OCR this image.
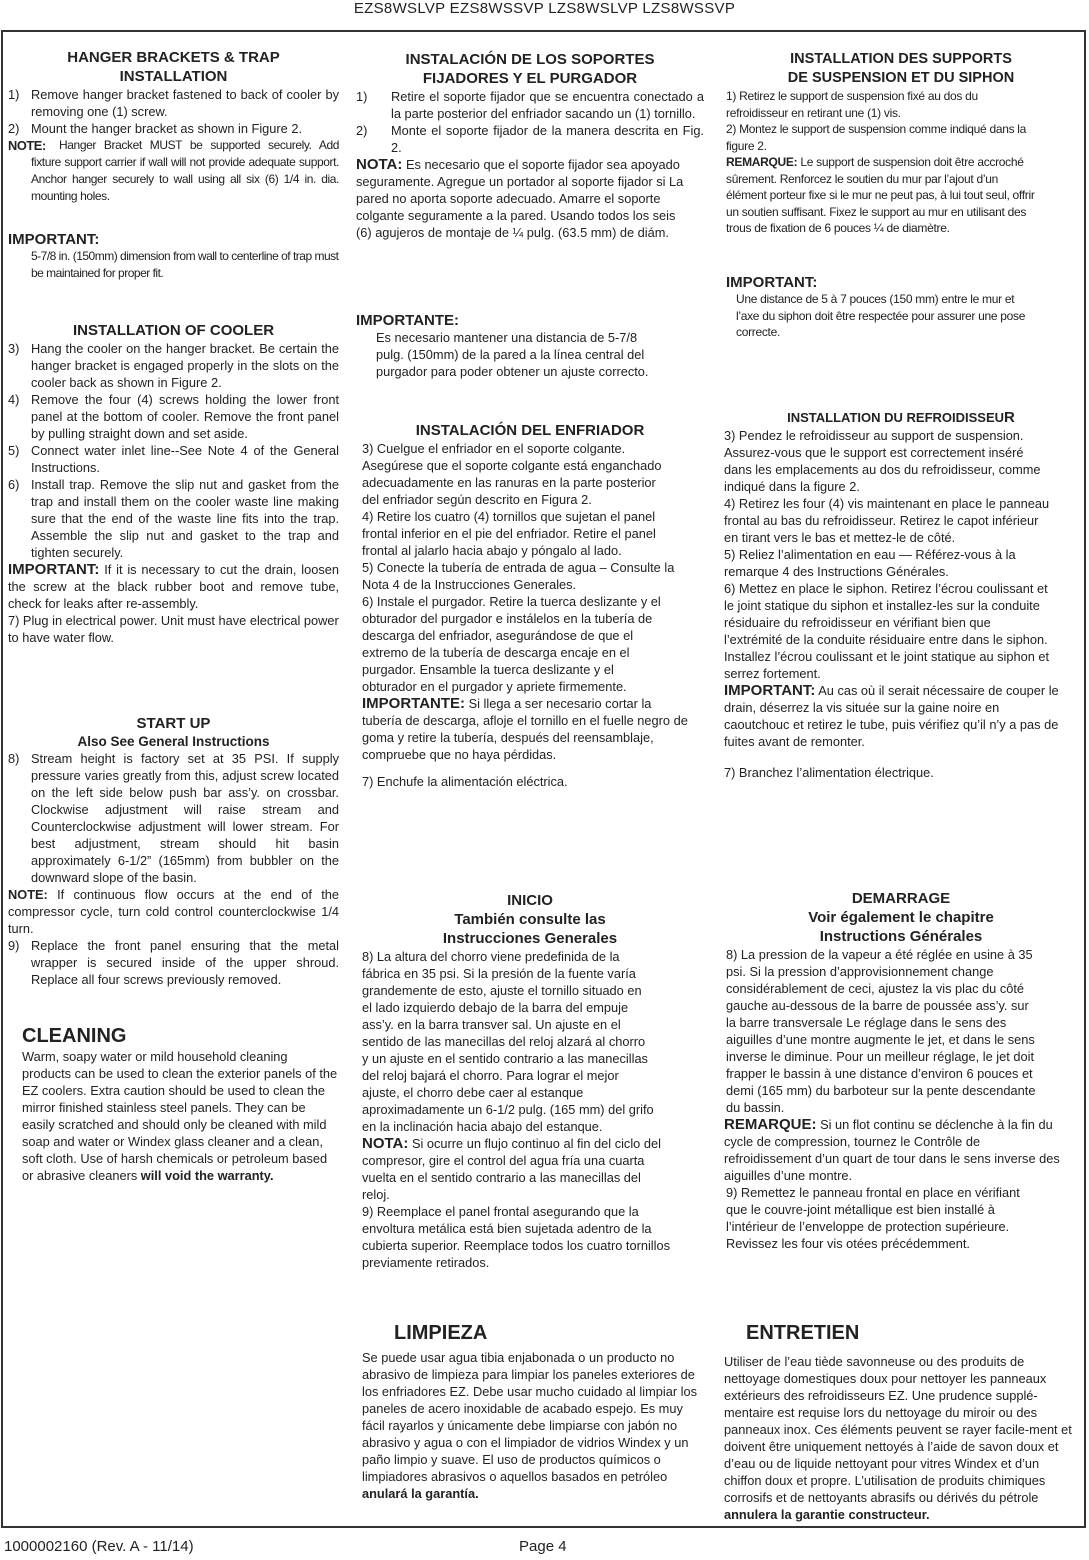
EZS8WSLVP EZS8WSSVP LZS8WSLVP LZS8WSSVP
HANGER BRACKETS & TRAP
INSTALLATION
1) Remove hanger bracket fastened to back of cooler by removing one (1) screw.
2) Mount the hanger bracket as shown in Figure 2.
NOTE: Hanger Bracket MUST be supported securely. Add fixture support carrier if wall will not provide adequate support. Anchor hanger securely to wall using all six (6) 1/4 in. dia. mounting holes.
IMPORTANT:
5-7/8 in. (150mm) dimension from wall to centerline of trap must be maintained for proper fit.
INSTALLATION OF COOLER
3) Hang the cooler on the hanger bracket. Be certain the hanger bracket is engaged properly in the slots on the cooler back as shown in Figure 2.
4) Remove the four (4) screws holding the lower front panel at the bottom of cooler. Remove the front panel by pulling straight down and set aside.
5) Connect water inlet line--See Note 4 of the General Instructions.
6) Install trap. Remove the slip nut and gasket from the trap and install them on the cooler waste line making sure that the end of the waste line fits into the trap. Assemble the slip nut and gasket to the trap and tighten securely.
IMPORTANT: If it is necessary to cut the drain, loosen the screw at the black rubber boot and remove tube, check for leaks after re-assembly.
7) Plug in electrical power. Unit must have electrical power to have water flow.
START UP
Also See General Instructions
8) Stream height is factory set at 35 PSI. If supply pressure varies greatly from this, adjust screw located on the left side below push bar ass’y. on crossbar. Clockwise adjustment will raise stream and Counterclockwise adjustment will lower stream. For best adjustment, stream should hit basin approximately 6-1/2” (165mm) from bubbler on the downward slope of the basin.
NOTE: If continuous flow occurs at the end of the compressor cycle, turn cold control counterclockwise 1/4 turn.
9) Replace the front panel ensuring that the metal wrapper is secured inside of the upper shroud. Replace all four screws previously removed.
CLEANING
Warm, soapy water or mild household cleaning products can be used to clean the exterior panels of the EZ coolers. Extra caution should be used to clean the mirror finished stainless steel panels. They can be easily scratched and should only be cleaned with mild soap and water or Windex glass cleaner and a clean, soft cloth. Use of harsh chemicals or petroleum based or abrasive cleaners will void the warranty.
INSTALACIÓN DE LOS SOPORTES
FIJADORES Y EL PURGADOR
1)	Retire el soporte fijador que se encuentra conectado a la parte posterior del enfriador sacando un (1) tornillo.
2)	Monte el soporte fijador de la manera descrita en Fig. 2.
NOTA: Es necesario que el soporte fijador sea apoyado seguramente. Agregue un portador al soporte fijador si La pared no aporta soporte adecuado. Amarre el soporte colgante seguramente a la pared. Usando todos los seis (6) agujeros de montaje de ¼ pulg. (63.5 mm) de diám.
IMPORTANTE:
Es necesario mantener una distancia de 5-7/8 pulg. (150mm) de la pared a la línea central del purgador para poder obtener un ajuste correcto.
INSTALACIÓN DEL ENFRIADOR
3) Cuelgue el enfriador en el soporte colgante. Asegúrese que el soporte colgante está enganchado adecuadamente en las ranuras en la parte posterior del enfriador según descrito en Figura 2.
4) Retire los cuatro (4) tornillos que sujetan el panel frontal inferior en el pie del enfriador. Retire el panel frontal al jalarlo hacia abajo y póngalo al lado.
5) Conecte la tubería de entrada de agua – Consulte la Nota 4 de la Instrucciones Generales.
6) Instale el purgador. Retire la tuerca deslizante y el obturador del purgador e instálelos en la tubería de descarga del enfriador, asegurándose de que el extremo de la tubería de descarga encaje en el purgador. Ensamble la tuerca deslizante y el obturador en el purgador y apriete firmemente.
IMPORTANTE: Si llega a ser necesario cortar la tubería de descarga, afloje el tornillo en el fuelle negro de goma y retire la tubería, después del reensamblaje, compruebe que no haya pérdidas.
7) Enchufe la alimentación eléctrica.
INICIO
También consulte las
Instrucciones Generales
8) La altura del chorro viene predefinida de la fábrica en 35 psi. Si la presión de la fuente varía grandemente de esto, ajuste el tornillo situado en el lado izquierdo debajo de la barra del empuje ass’y. en la barra transver sal. Un ajuste en el sentido de las manecillas del reloj alzará al chorro y un ajuste en el sentido contrario a las manecillas del reloj bajará el chorro. Para lograr el mejor ajuste, el chorro debe caer al estanque aproximadamente un 6-1/2 pulg. (165 mm) del grifo en la inclinación hacia abajo del estanque.
NOTA: Si ocurre un flujo continuo al fin del ciclo del compresor, gire el control del agua fría una cuarta vuelta en el sentido contrario a las manecillas del reloj.
9) Reemplace el panel frontal asegurando que la envoltura metálica está bien sujetada adentro de la cubierta superior. Reemplace todos los cuatro tornillos previamente retirados.
LIMPIEZA
Se puede usar agua tibia enjabonada o un producto no abrasivo de limpieza para limpiar los paneles exteriores de los enfriadores EZ. Debe usar mucho cuidado al limpiar los paneles de acero inoxidable de acabado espejo. Es muy fácil rayarlos y únicamente debe limpiarse con jabón no abrasivo y agua o con el limpiador de vidrios Windex y un paño limpio y suave. El uso de productos químicos o limpiadores abrasivos o aquellos basados en petróleo anulará la garantía.
INSTALLATION DES SUPPORTS
DE SUSPENSION ET DU SIPHON
1) Retirez le support de suspension fixé au dos du refroidisseur en retirant une (1) vis.
2) Montez le support de suspension comme indiqué dans la figure 2.
REMARQUE: Le support de suspension doit être accroché sûrement. Renforcez le soutien du mur par l’ajout d’un élément porteur fixe si le mur ne peut pas, à lui tout seul, offrir un soutien suffisant. Fixez le support au mur en utilisant des trous de fixation de 6 pouces ¼ de diamètre.
IMPORTANT:
Une distance de 5 à 7 pouces (150 mm) entre le mur et l’axe du siphon doit être respectée pour assurer une pose correcte.
INSTALLATION DU REFROIDISSEUR
3) Pendez le refroidisseur au support de suspension. Assurez-vous que le support est correctement inséré dans les emplacements au dos du refroidisseur, comme indiqué dans la figure 2.
4) Retirez les four (4) vis maintenant en place le panneau frontal au bas du refroidisseur. Retirez le capot inférieur en tirant vers le bas et mettez-le de côté.
5) Reliez l’alimentation en eau — Référez-vous à la remarque 4 des Instructions Générales.
6) Mettez en place le siphon. Retirez l’écrou coulissant et le joint statique du siphon et installez-les sur la conduite résiduaire du refroidisseur en vérifiant bien que l’extrémité de la conduite résiduaire entre dans le siphon. Installez l’écrou coulissant et le joint statique au siphon et serrez fortement.
IMPORTANT: Au cas où il serait nécessaire de couper le drain, déserrez la vis située sur la gaine noire en caoutchouc et retirez le tube, puis vérifiez qu’il n’y a pas de fuites avant de remonter.
7) Branchez l’alimentation électrique.
DEMARRAGE
Voir également le chapitre
Instructions Générales
8) La pression de la vapeur a été réglée en usine à 35 psi. Si la pression d’approvisionnement change considérablement de ceci, ajustez la vis plac du côté gauche au-dessous de la barre de poussée ass’y. sur la barre transversale Le réglage dans le sens des aiguilles d’une montre augmente le jet, et dans le sens inverse le diminue. Pour un meilleur réglage, le jet doit frapper le bassin à une distance d’environ 6 pouces et demi (165 mm) du barboteur sur la pente descendante du bassin.
REMARQUE: Si un flot continu se déclenche à la fin du cycle de compression, tournez le Contrôle de refroidissement d’un quart de tour dans le sens inverse des aiguilles d’une montre.
9) Remettez le panneau frontal en place en vérifiant que le couvre-joint métallique est bien installé à l’intérieur de l’enveloppe de protection supérieure. Revissez les four vis otées précédemment.
ENTRETIEN
Utiliser de l’eau tiède savonneuse ou des produits de nettoyage domestiques doux pour nettoyer les panneaux extérieurs des refroidisseurs EZ. Une prudence supplé-mentaire est requise lors du nettoyage du miroir ou des panneaux inox. Ces éléments peuvent se rayer facile-ment et doivent être uniquement nettoyés à l’aide de savon doux et d’eau ou de liquide nettoyant pour vitres Windex et d’un chiffon doux et propre. L’utilisation de produits chimiques corrosifs et de nettoyants abrasifs ou dérivés du pétrole annulera la garantie constructeur.
1000002160 (Rev. A - 11/14)	Page 4
